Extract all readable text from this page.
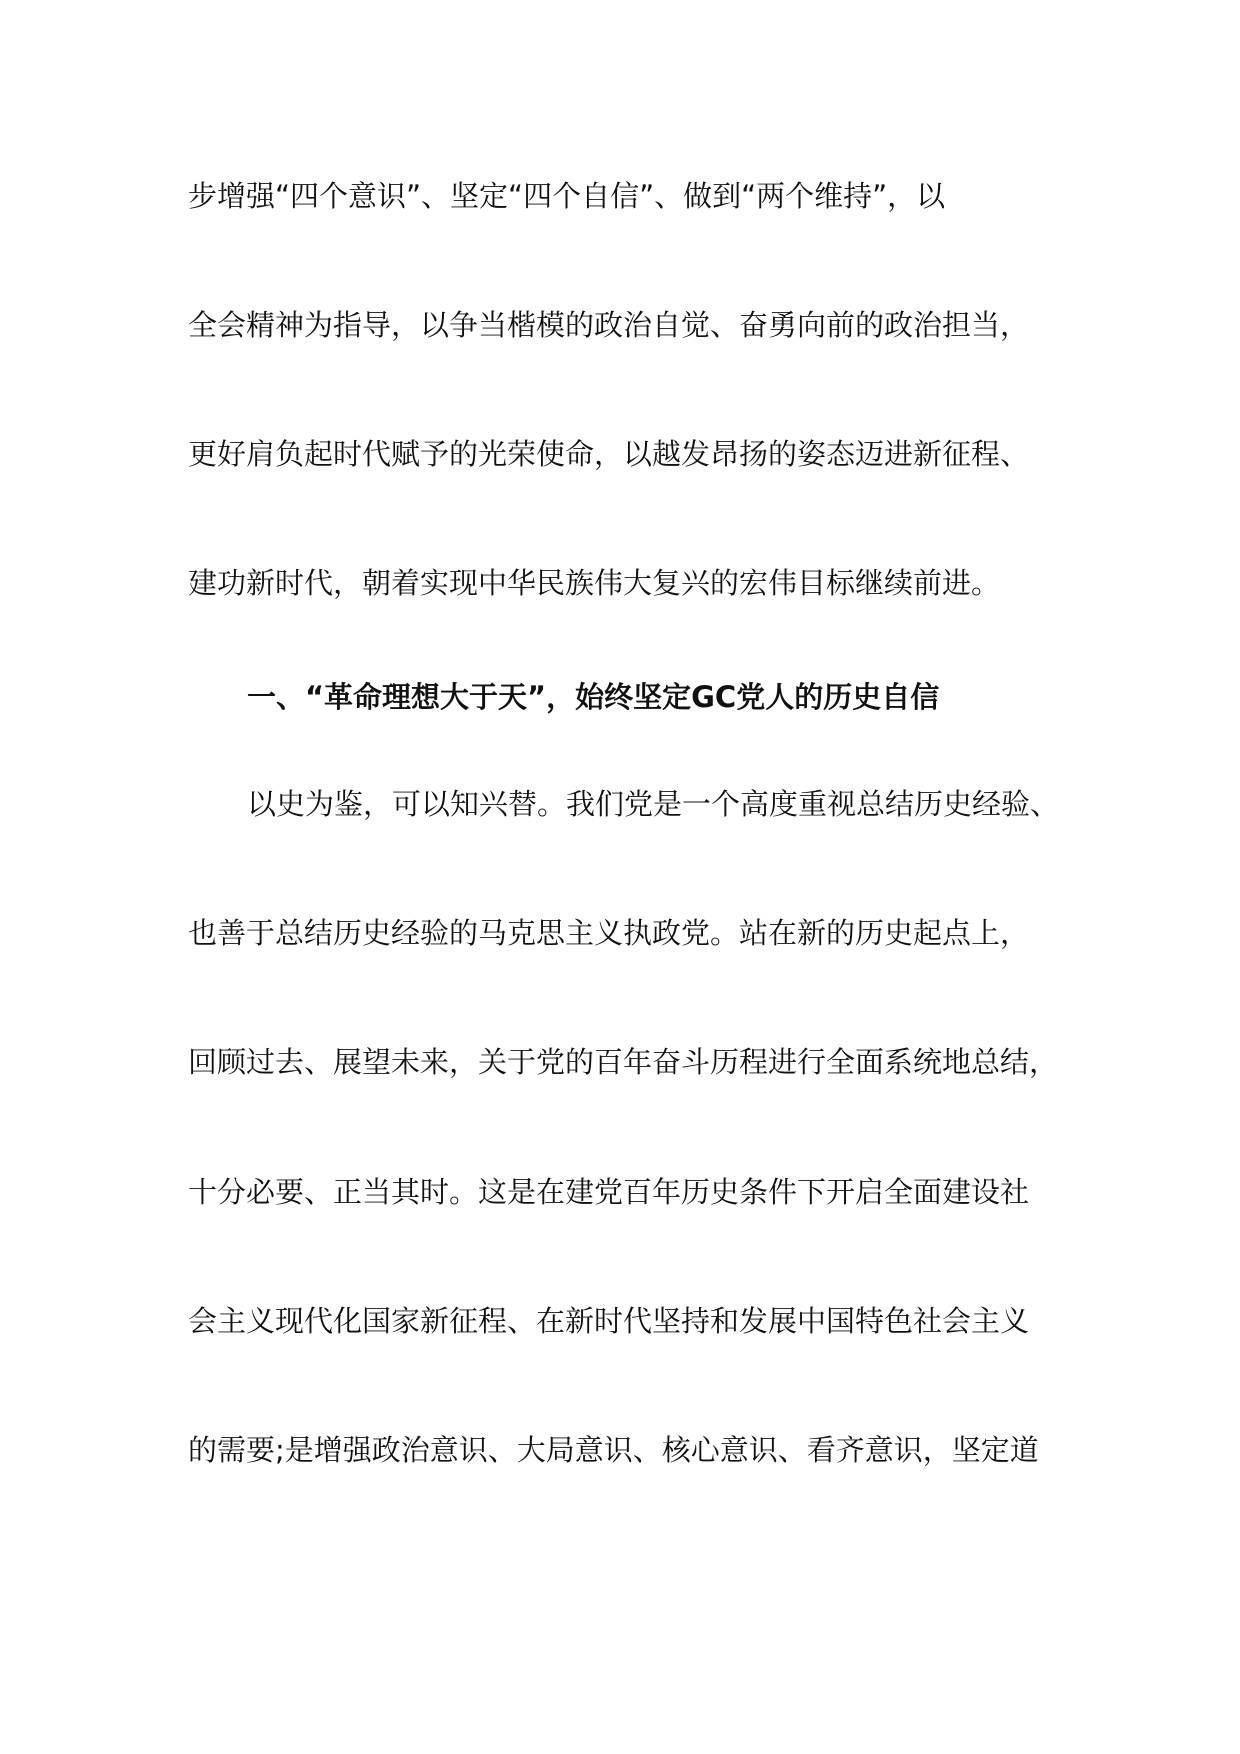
步增强“四个意识”、坚定“四个自信”、做到“两个维持”，以
全会精神为指导，以争当楷模的政治自觉、奋勇向前的政治担当，
更好肩负起时代赋予的光荣使命，以越发昂扬的姿态迈进新征程、
建功新时代，朝着实现中华民族伟大复兴的宏伟目标继续前进。
一、“革命理想大于天”，始终坚定GC党人的历史自信
以史为鉴，可以知兴替。我们党是一个高度重视总结历史经验、
也善于总结历史经验的马克思主义执政党。站在新的历史起点上，
回顾过去、展望未来，关于党的百年奋斗历程进行全面系统地总结，
十分必要、正当其时。这是在建党百年历史条件下开启全面建设社
会主义现代化国家新征程、在新时代坚持和发展中国特色社会主义
的需要;是增强政治意识、大局意识、核心意识、看齐意识，坚定道
